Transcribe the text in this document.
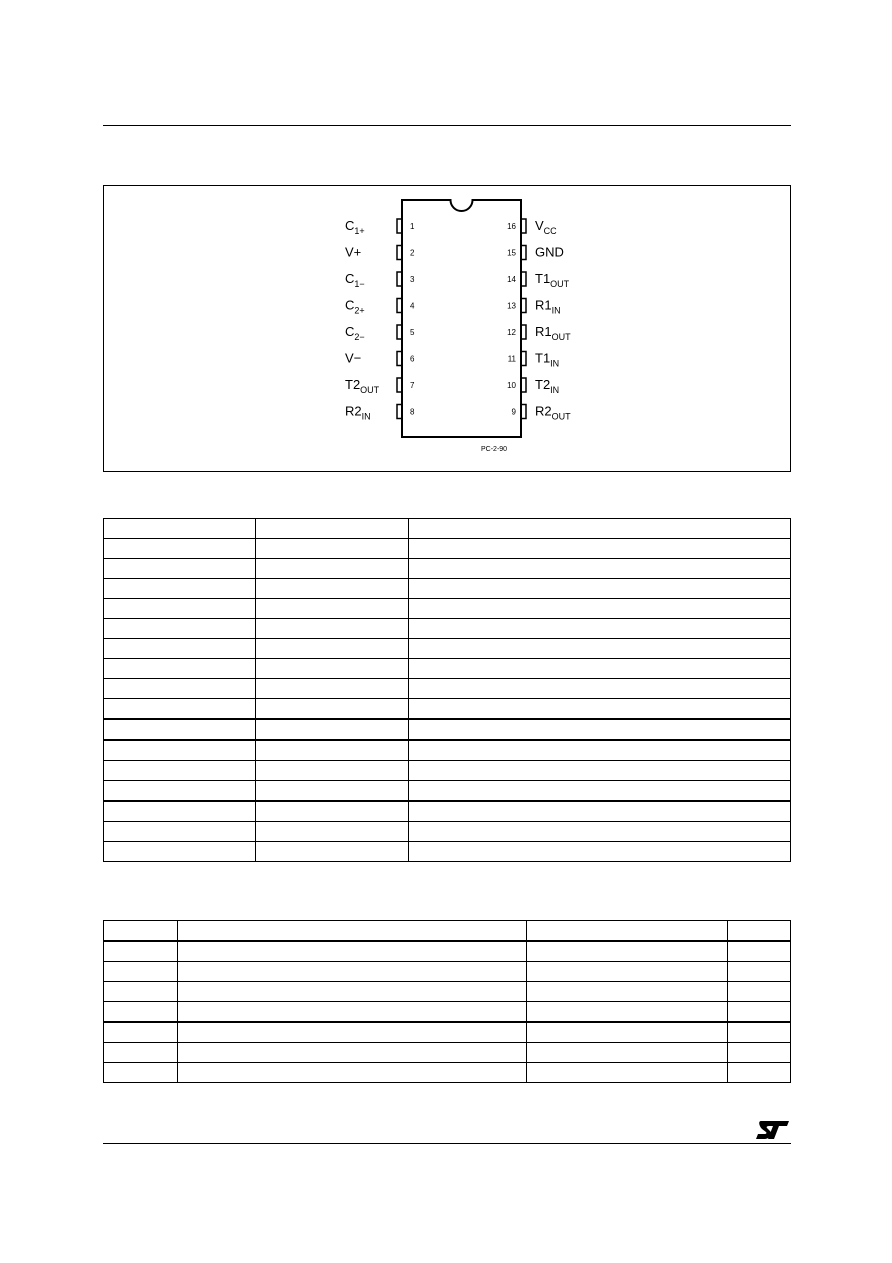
1
$C_{1+}$
2
V+
3
$C_{1-}$
4
$C_{2+}$
5
$C_{2-}$
6
V−
7
$T2_{OUT}$
8
$R2_{IN}$
16 $V_{CC}$
15 GND
14 $T1_{OUT}$
13 $R1_{IN}$
12 $R1_{OUT}$
11 $T1_{IN}$
10 $T2_{IN}$
9 $R2_{OUT}$
PC-2-90
